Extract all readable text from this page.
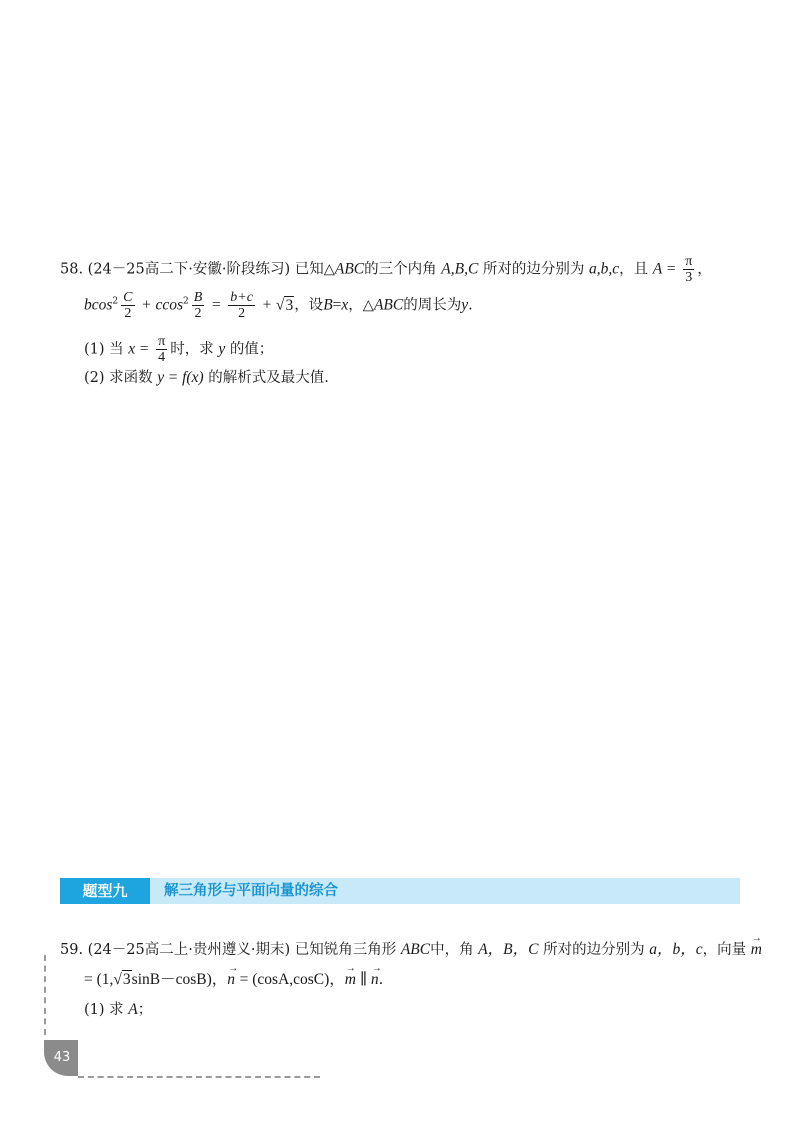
58. (24－25高二下·安徽·阶段练习) 已知△ABC的三个内角 A,B,C 所对的边分别为 a,b,c，且 $A = \frac{\pi}{3}$ ，
$bcos^2 \frac{C}{2} + ccos^2 \frac{B}{2} = \frac{b+c}{2} + √3$，设B=x，△ABC的周长为y.
(1) 当 $x = \frac{\pi}{4}$ 时，求 y 的值；
(2) 求函数 y = f(x) 的解析式及最大值.
题型九	解三角形与平面向量的综合
59. (24－25高二上·贵州遵义·期末) 已知锐角三角形 ABC中，角 A，B，C 所对的边分别为 a，b，c，向量 → m
= (1,√3sinB－cosB)，→ n = (cosA,cosC)，→ m ∥ → n.
(1) 求 A；
43
